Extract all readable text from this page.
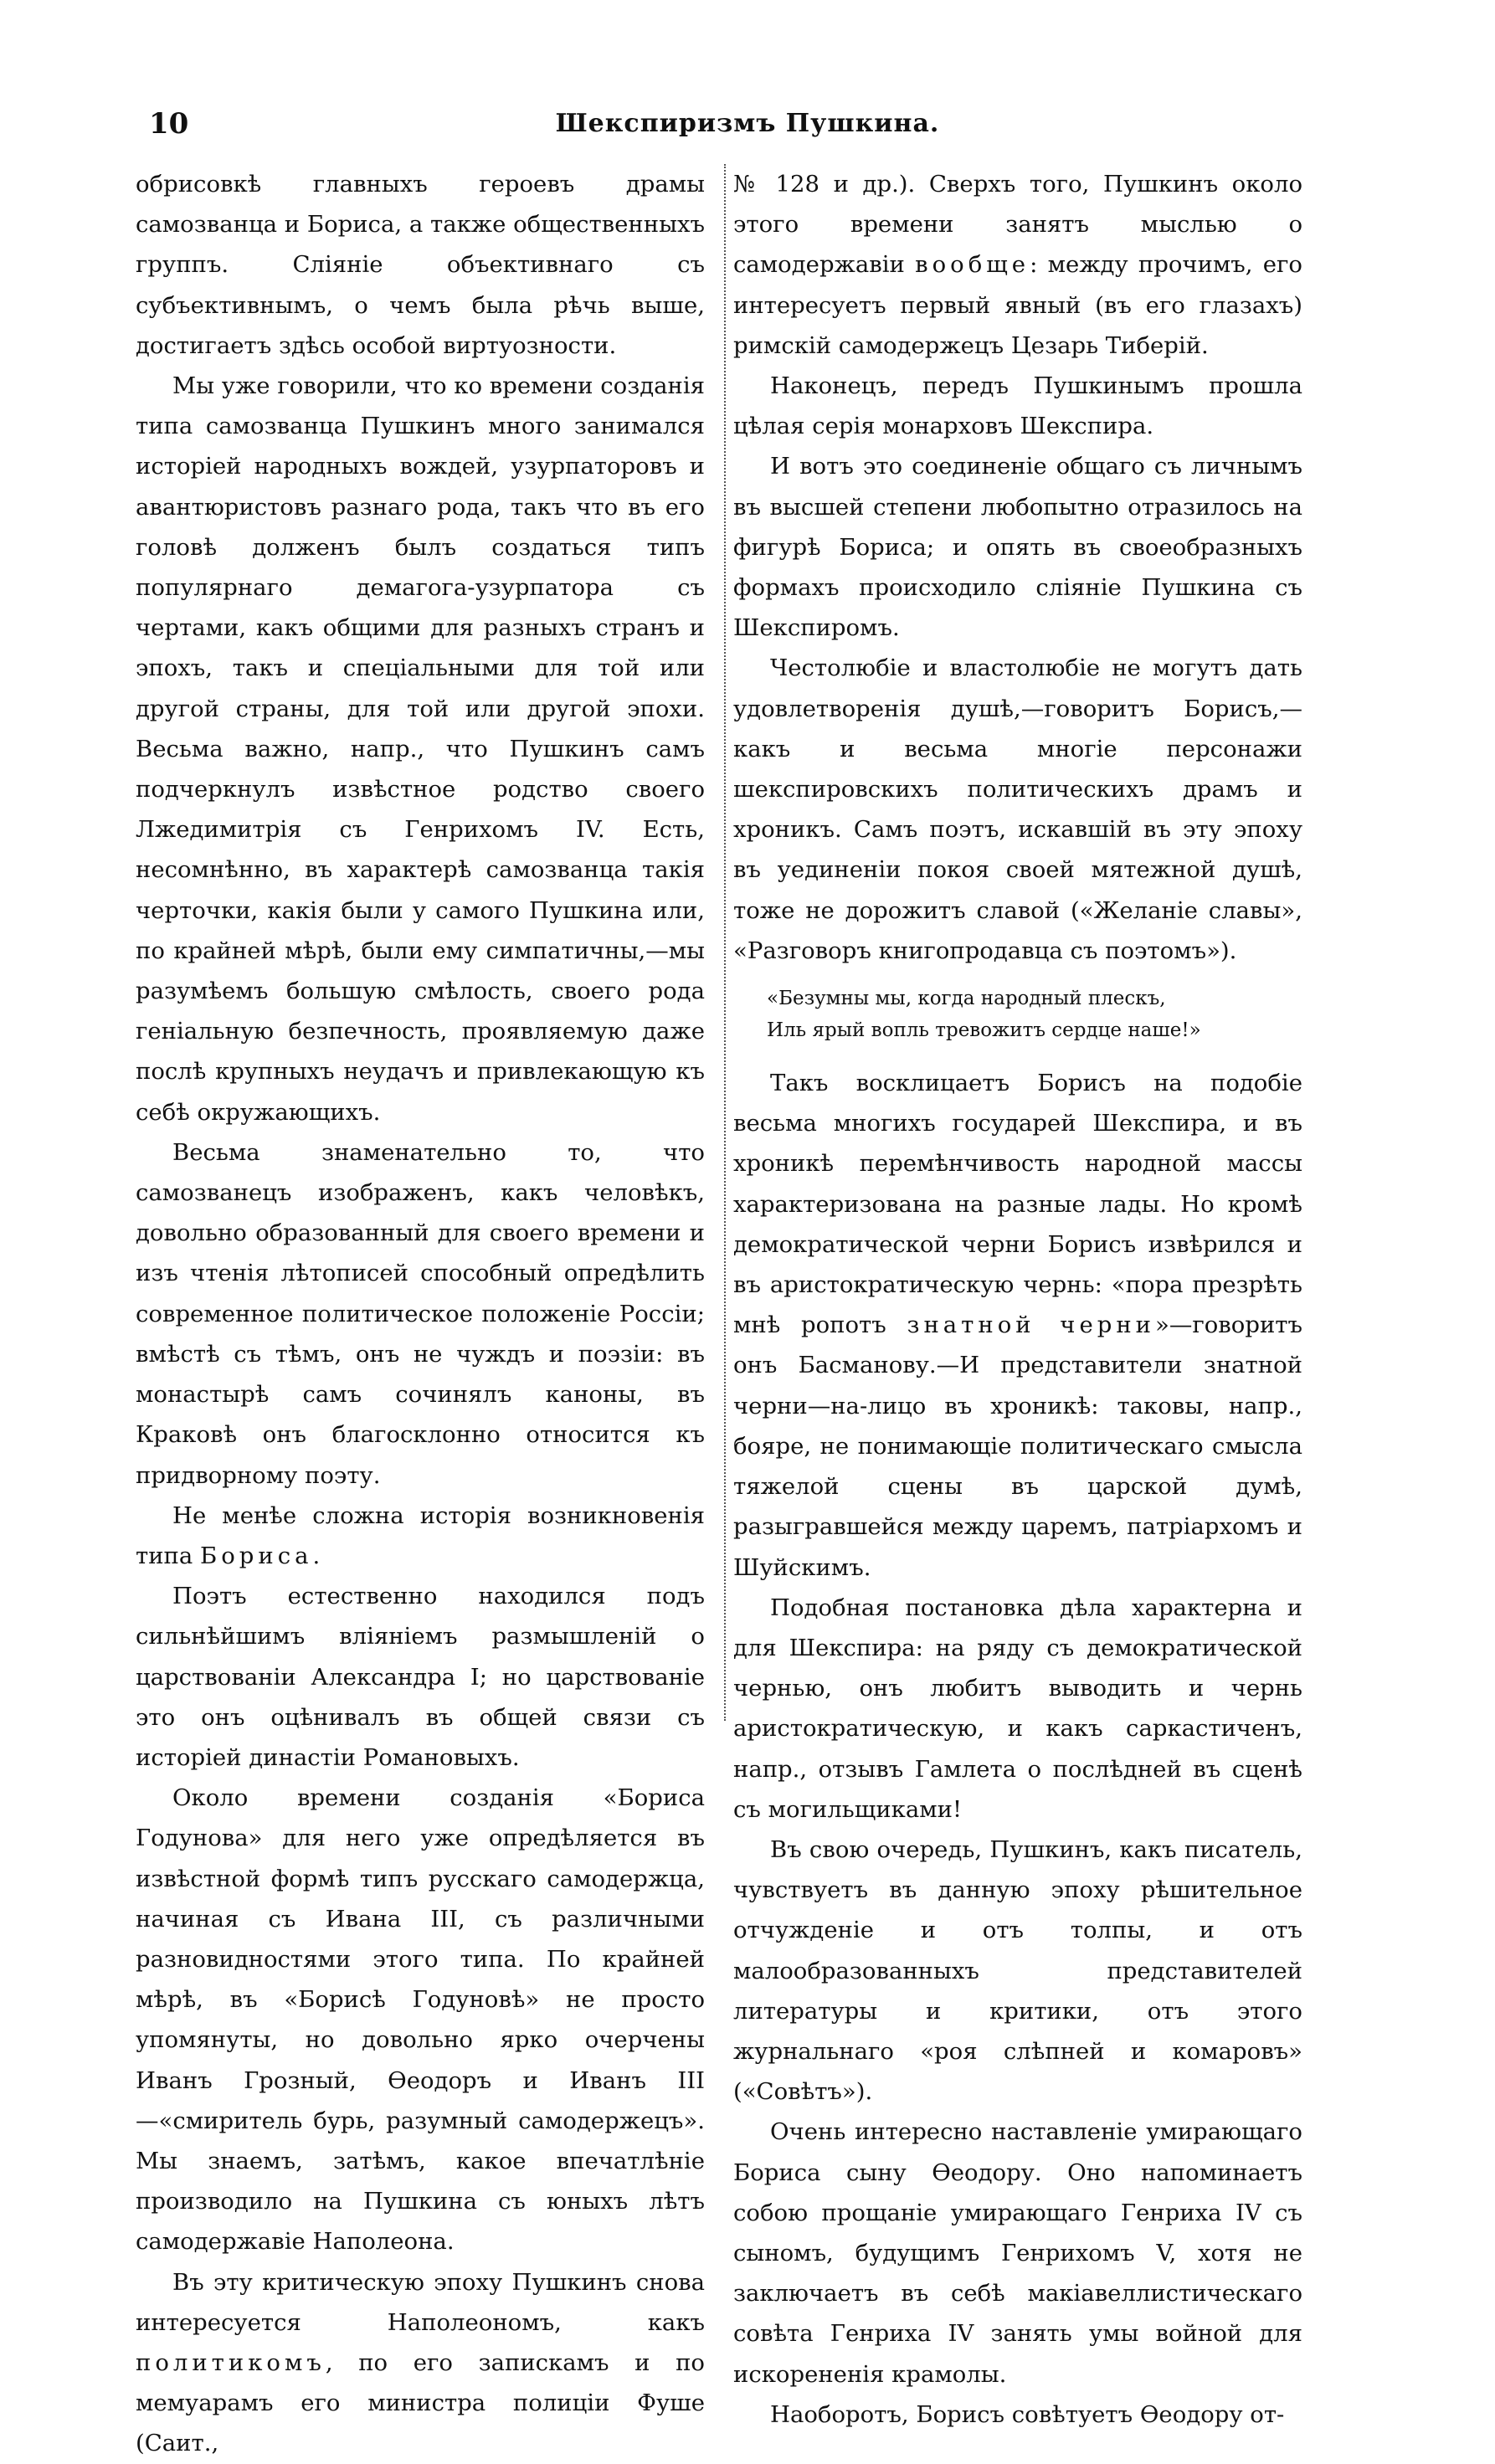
10	Шекспиризмъ Пушкина.

обрисовкѣ главныхъ героевъ драмы самозванца и Бориса, а также общественныхъ группъ. Сліяніе объективнаго съ субъективнымъ, о чемъ была рѣчь выше, достигаетъ здѣсь особой виртуозности.

Мы уже говорили, что ко времени созданія типа самозванца Пушкинъ много занимался исторіей народныхъ вождей, узурпаторовъ и авантюристовъ разнаго рода, такъ что въ его головѣ долженъ былъ создаться типъ популярнаго демагога-узурпатора съ чертами, какъ общими для разныхъ странъ и эпохъ, такъ и спеціальными для той или другой страны, для той или другой эпохи. Весьма важно, напр., что Пушкинъ самъ подчеркнулъ извѣстное родство своего Лжедимитрія съ Генрихомъ IV. Есть, несомнѣнно, въ характерѣ самозванца такія черточки, какія были у самого Пушкина или, по крайней мѣрѣ, были ему симпатичны,—мы разумѣемъ большую смѣлость, своего рода геніальную безпечность, проявляемую даже послѣ крупныхъ неудачъ и привлекающую къ себѣ окружающихъ.

Весьма знаменательно то, что самозванецъ изображенъ, какъ человѣкъ, довольно образованный для своего времени и изъ чтенія лѣтописей способный опредѣлить современное политическое положеніе Россіи; вмѣстѣ съ тѣмъ, онъ не чуждъ и поэзіи: въ монастырѣ самъ сочинялъ каноны, въ Краковѣ онъ благосклонно относится къ придворному поэту.

Не менѣе сложна исторія возникновенія типа Бориса.

Поэтъ естественно находился подъ сильнѣйшимъ вліяніемъ размышленій о царствованіи Александра I; но царствованіе это онъ оцѣнивалъ въ общей связи съ исторіей династіи Романовыхъ.

Около времени созданія «Бориса Годунова» для него уже опредѣляется въ извѣстной формѣ типъ русскаго самодержца, начиная съ Ивана III, съ различными разновидностями этого типа. По крайней мѣрѣ, въ «Борисѣ Годуновѣ» не просто упомянуты, но довольно ярко очерчены Иванъ Грозный, Ѳеодоръ и Иванъ III—«смиритель бурь, разумный самодержецъ». Мы знаемъ, затѣмъ, какое впечатлѣніе производило на Пушкина съ юныхъ лѣтъ самодержавіе Наполеона.

Въ эту критическую эпоху Пушкинъ снова интересуется Наполеономъ, какъ политикомъ, по его запискамъ и по мемуарамъ его министра полиціи Фуше (Саит.,

№ 128 и др.). Сверхъ того, Пушкинъ около этого времени занятъ мыслью о самодержавіи вообще: между прочимъ, его интересуетъ первый явный (въ его глазахъ) римскій самодержецъ Цезарь Тиберій.

Наконецъ, передъ Пушкинымъ прошла цѣлая серія монарховъ Шекспира.

И вотъ это соединеніе общаго съ личнымъ въ высшей степени любопытно отразилось на фигурѣ Бориса; и опять въ своеобразныхъ формахъ происходило сліяніе Пушкина съ Шекспиромъ.

Честолюбіе и властолюбіе не могутъ дать удовлетворенія душѣ,—говоритъ Борисъ,—какъ и весьма многіе персонажи шекспировскихъ политическихъ драмъ и хроникъ. Самъ поэтъ, искавшій въ эту эпоху въ уединеніи покоя своей мятежной душѣ, тоже не дорожитъ славой («Желаніе славы», «Разговоръ книгопродавца съ поэтомъ»).

«Безумны мы, когда народный плескъ,
Иль ярый вопль тревожитъ сердце наше!»

Такъ восклицаетъ Борисъ на подобіе весьма многихъ государей Шекспира, и въ хроникѣ перемѣнчивость народной массы характеризована на разные лады. Но кромѣ демократической черни Борисъ извѣрился и въ аристократическую чернь: «пора презрѣть мнѣ ропотъ знатной черни»—говоритъ онъ Басманову.—И представители знатной черни—на-лицо въ хроникѣ: таковы, напр., бояре, не понимающіе политическаго смысла тяжелой сцены въ царской думѣ, разыгравшейся между царемъ, патріархомъ и Шуйскимъ.

Подобная постановка дѣла характерна и для Шекспира: на ряду съ демократической чернью, онъ любитъ выводить и чернь аристократическую, и какъ саркастиченъ, напр., отзывъ Гамлета о послѣдней въ сценѣ съ могильщиками!

Въ свою очередь, Пушкинъ, какъ писатель, чувствуетъ въ данную эпоху рѣшительное отчужденіе и отъ толпы, и отъ малообразованныхъ представителей литературы и критики, отъ этого журнальнаго «роя слѣпней и комаровъ» («Совѣтъ»).

Очень интересно наставленіе умирающаго Бориса сыну Ѳеодору. Оно напоминаетъ собою прощаніе умирающаго Генриха IV съ сыномъ, будущимъ Генрихомъ V, хотя не заключаетъ въ себѣ макіавеллистическаго совѣта Генриха IV занять умы войной для искорененія крамолы.

Наоборотъ, Борисъ совѣтуетъ Ѳеодору от-
